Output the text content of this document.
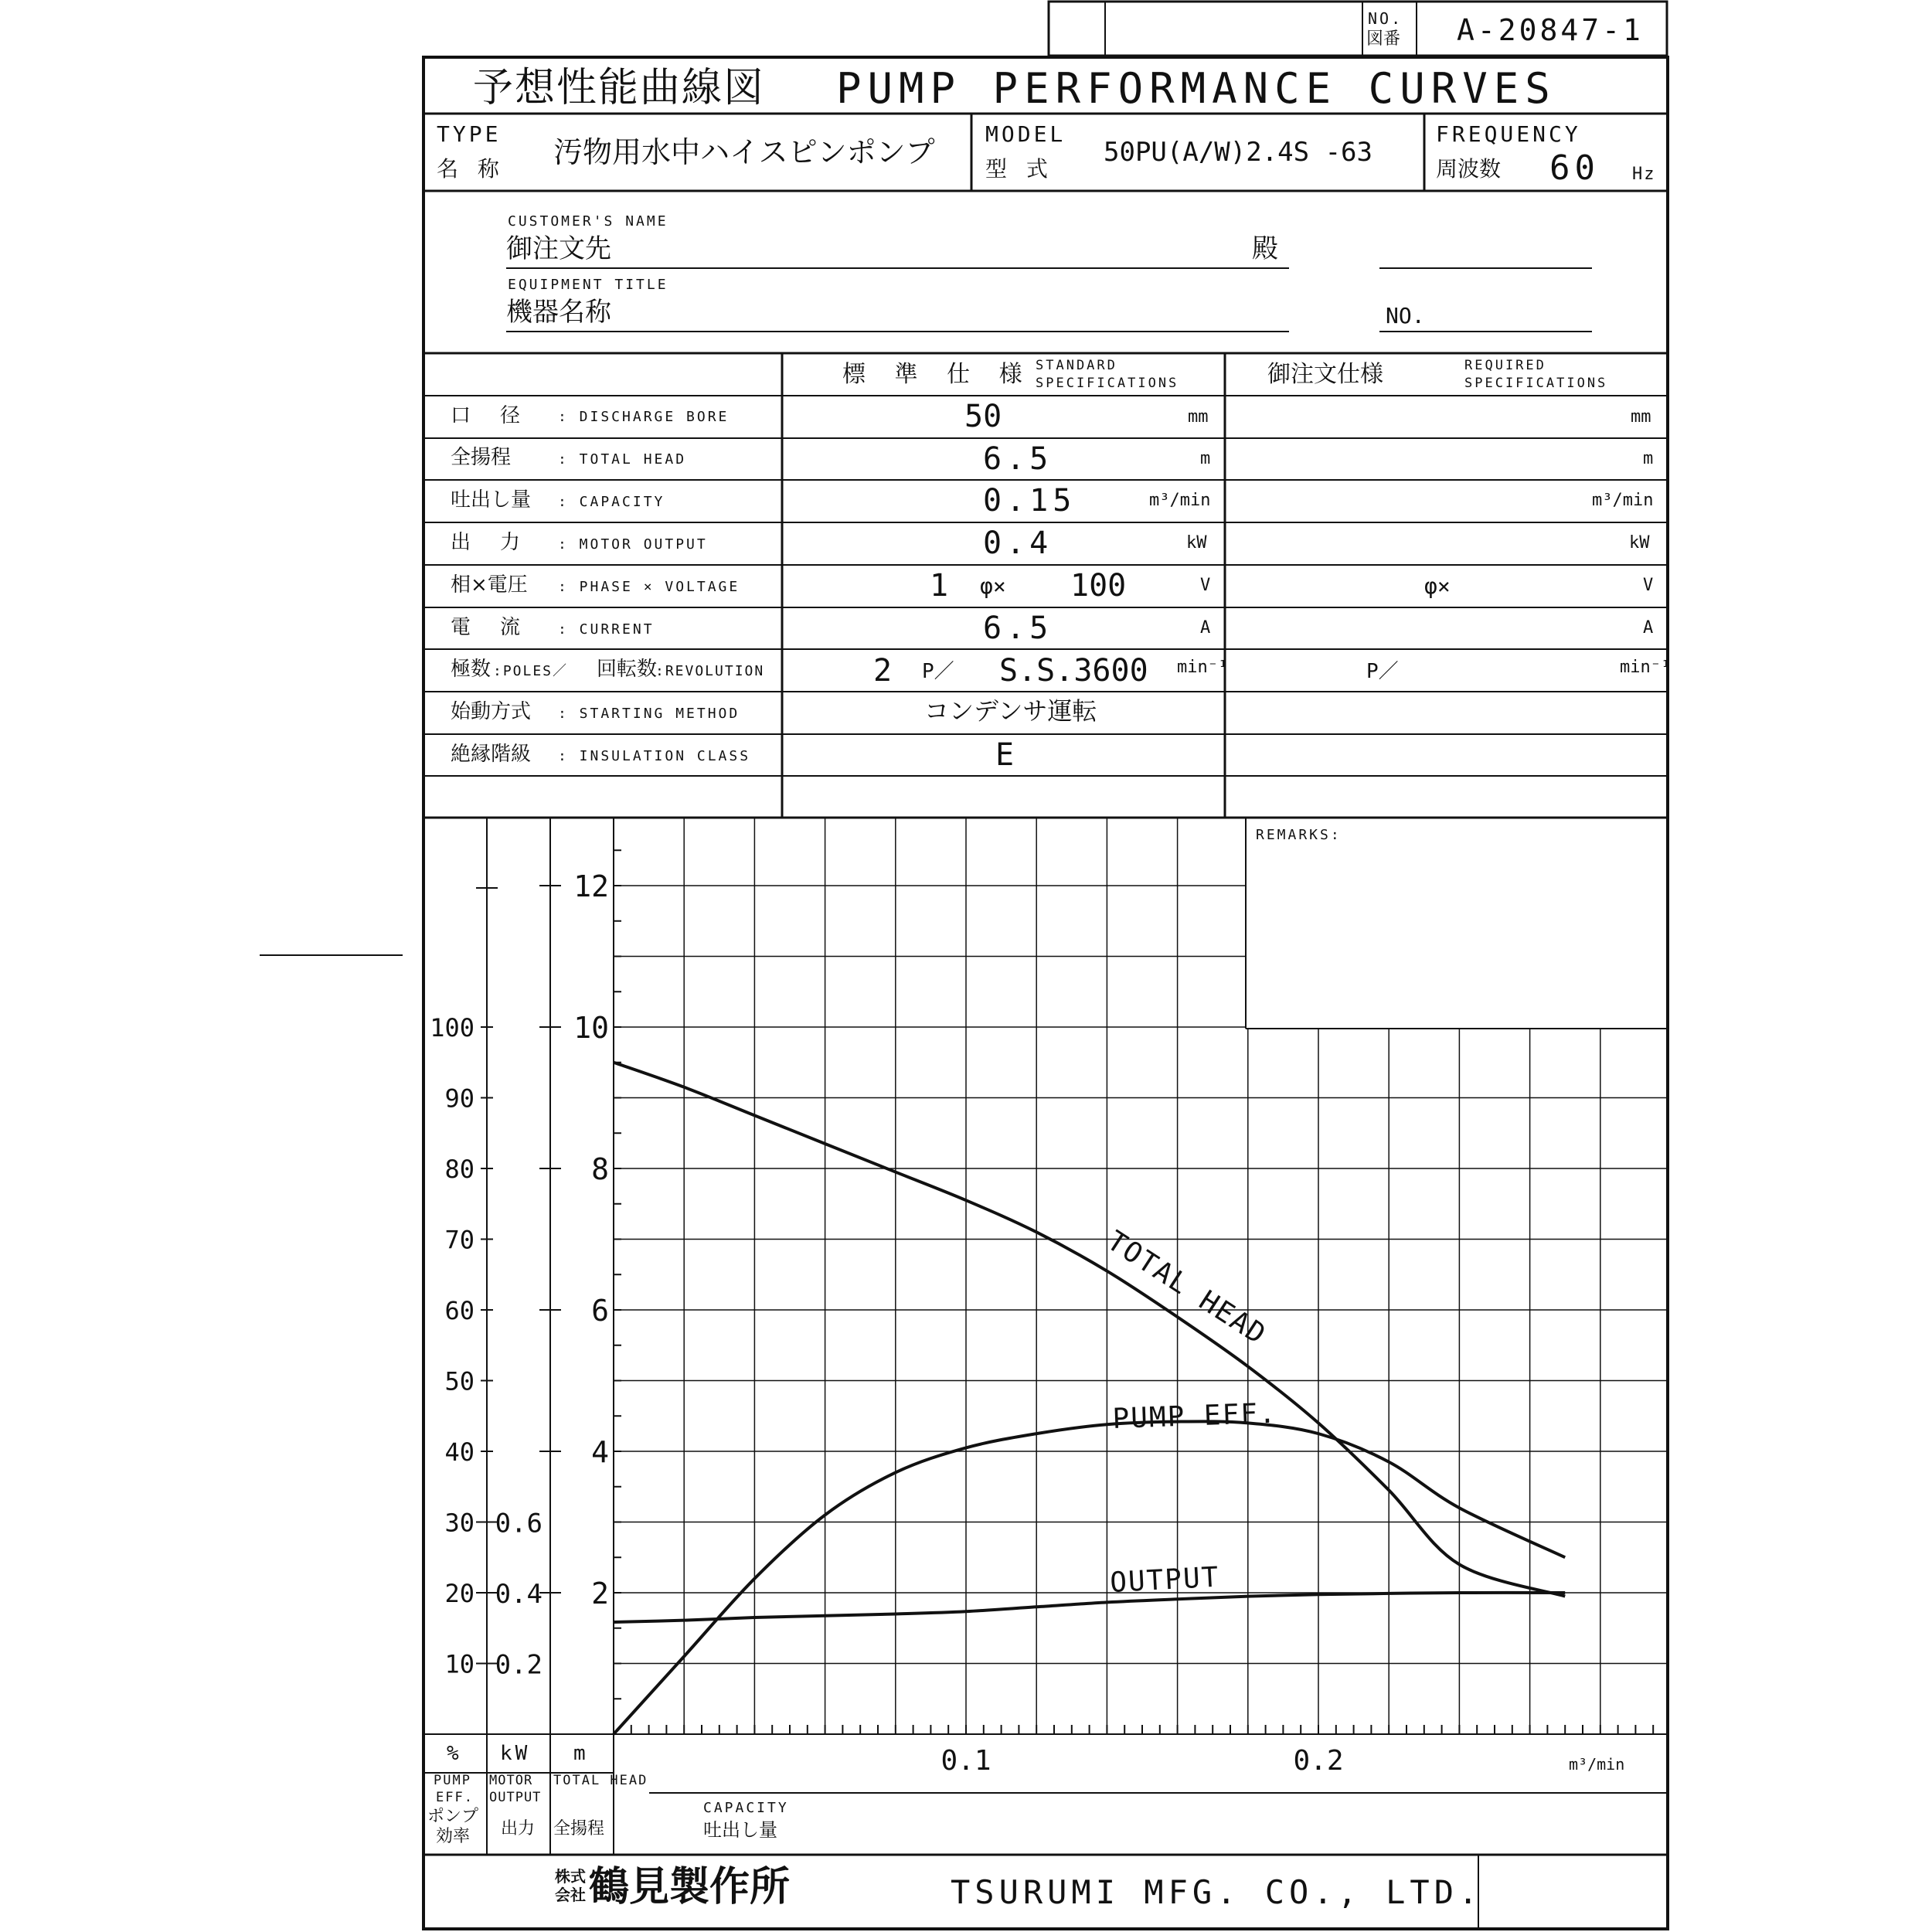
2
4
6
8
10
12
0.2
0.4
0.6
10
20
30
40
50
60
70
80
90
100
0.1	0.2
TOTAL HEAD
PUMP EFF.
OUTPUT
NO.
図番 A-20847-1
予想性能曲線図 PUMP PERFORMANCE CURVES
TYPE
名 称 汚物用水中ハイスピンポンプ
MODEL
型 式
50PU(A/W)2.4S -63
FREQUENCY
周波数 60 Hz
CUSTOMER'S NAME
御注文先	殿
EQUIPMENT TITLE
機器名称	NO.
標 準 仕 様 STANDARD
SPECIFICATIONS	御注文仕様	REQUIRED
SPECIFICATIONS
口　径 : DISCHARGE BORE	50	mm	mm
全揚程	: TOTAL HEAD	6.5	m	m
吐出し量 : CAPACITY	0.15	m³/min	m³/min
出　力 : MOTOR OUTPUT	0.4	kW	kW
相×電圧 : PHASE × VOLTAGE	1 φ× 100	V	φ×	V
電　流 : CURRENT	6.5	A	A
極数 :POLES／ 回転数
:REVOLUTION	2 P／ S.S.3600 min⁻¹	P／	min⁻¹
始動方式 : STARTING METHOD	コンデンサ運転
絶縁階級 : INSULATION CLASS	E
REMARKS:
% kW m
PUMP
EFF.
ポンプ
効率
MOTOR
OUTPUT
出力
TOTAL HEAD
全揚程
m³/min
CAPACITY
吐出し量
株式
会社 鶴見製作所	TSURUMI MFG. CO., LTD.
